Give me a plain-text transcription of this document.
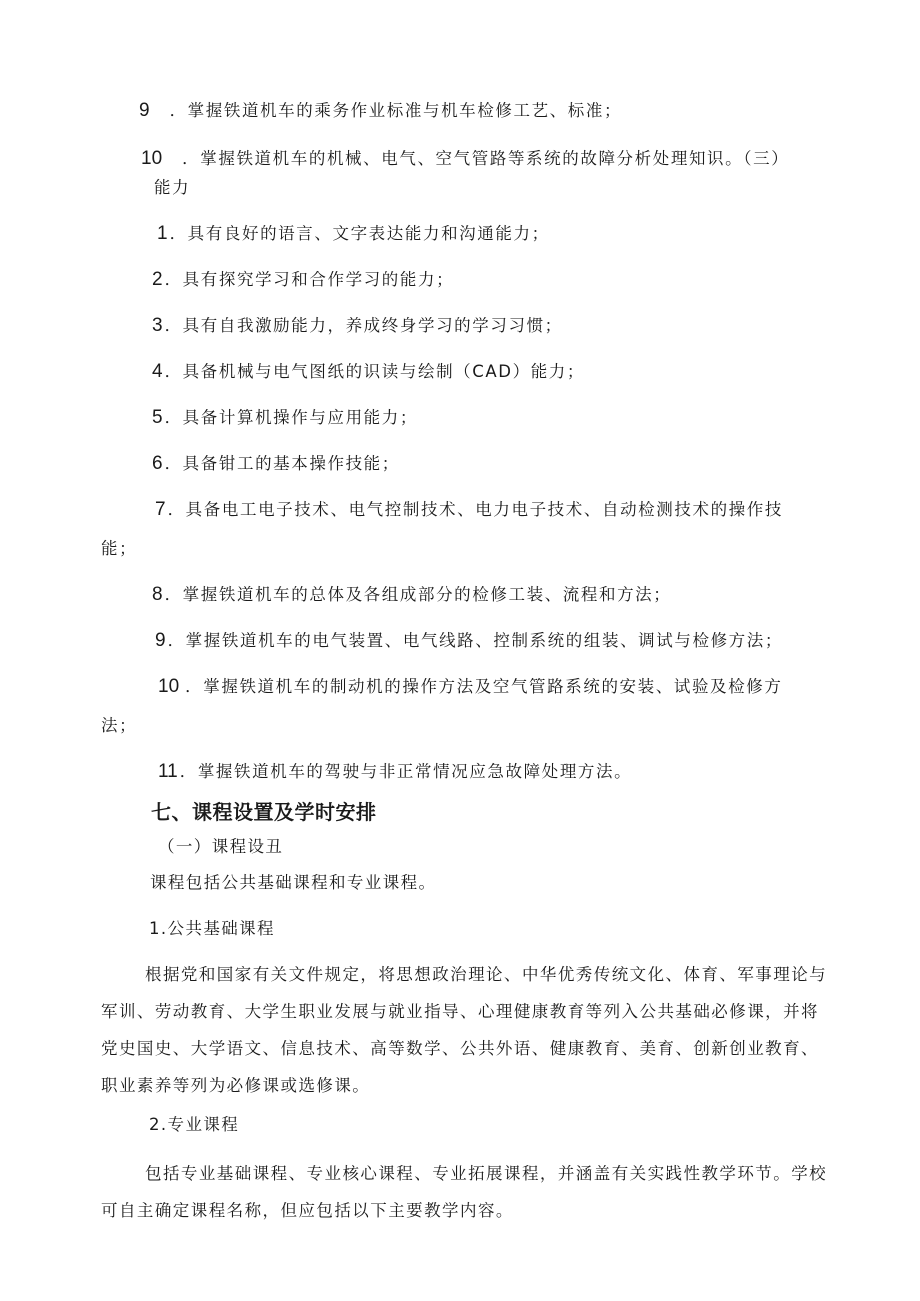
9 ．掌握铁道机车的乘务作业标准与机车检修工艺、标准；
10 ．掌握铁道机车的机械、电气、空气管路等系统的故障分析处理知识。（三）
能力
1 ．具有良好的语言、文字表达能力和沟通能力；
2 ．具有探究学习和合作学习的能力；
3 ．具有自我激励能力，养成终身学习的学习习惯；
4 ．具备机械与电气图纸的识读与绘制（CAD）能力；
5 ．具备计算机操作与应用能力；
6 ．具备钳工的基本操作技能；
7 ．具备电工电子技术、电气控制技术、电力电子技术、自动检测技术的操作技
能；
8 ．掌握铁道机车的总体及各组成部分的检修工装、流程和方法；
9 ．掌握铁道机车的电气装置、电气线路、控制系统的组装、调试与检修方法；
10 ．掌握铁道机车的制动机的操作方法及空气管路系统的安装、试验及检修方
法；
11 ．掌握铁道机车的驾驶与非正常情况应急故障处理方法。
七、课程设置及学时安排
（一）课程设丑
课程包括公共基础课程和专业课程。
1.公共基础课程
根据党和国家有关文件规定，将思想政治理论、中华优秀传统文化、体育、军事理论与军训、劳动教育、大学生职业发展与就业指导、心理健康教育等列入公共基础必修课，并将党史国史、大学语文、信息技术、高等数学、公共外语、健康教育、美育、创新创业教育、职业素养等列为必修课或选修课。
2.专业课程
包括专业基础课程、专业核心课程、专业拓展课程，并涵盖有关实践性教学环节。学校可自主确定课程名称，但应包括以下主要教学内容。
